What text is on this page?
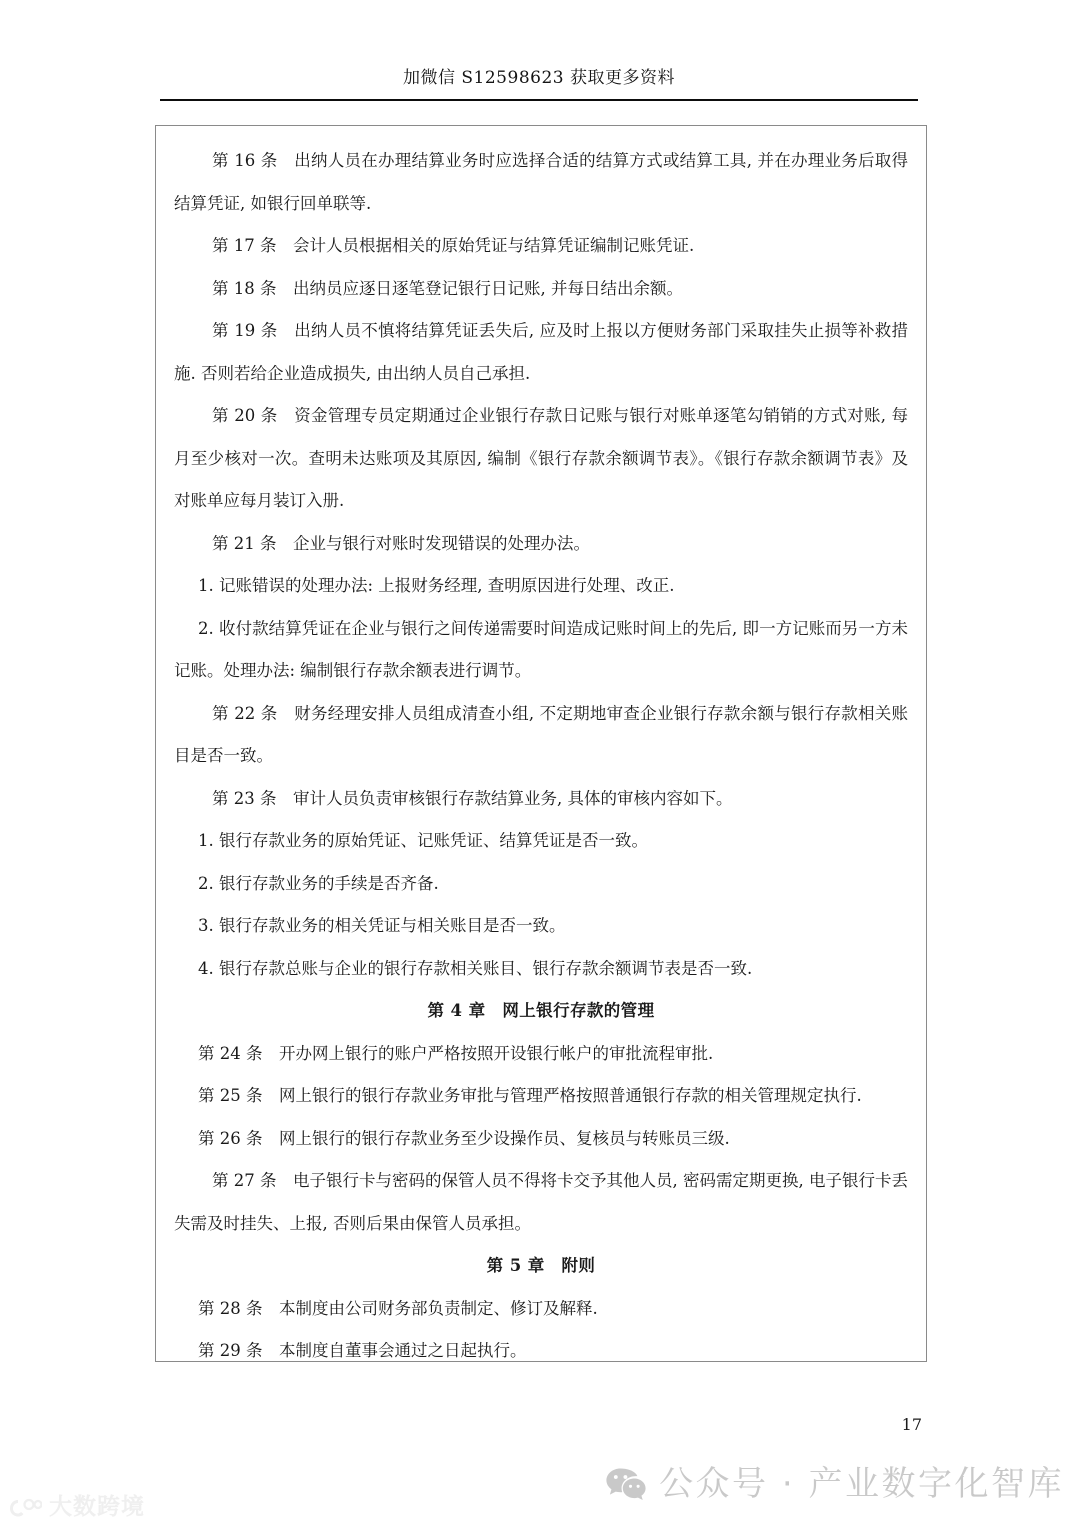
加微信 S12598623 获取更多资料

第 16 条　出纳人员在办理结算业务时应选择合适的结算方式或结算工具, 并在办理业务后取得结算凭证, 如银行回单联等.

第 17 条　会计人员根据相关的原始凭证与结算凭证编制记账凭证.

第 18 条　出纳员应逐日逐笔登记银行日记账, 并每日结出余额。

第 19 条　出纳人员不慎将结算凭证丢失后, 应及时上报以方便财务部门采取挂失止损等补救措施. 否则若给企业造成损失, 由出纳人员自己承担.

第 20 条　资金管理专员定期通过企业银行存款日记账与银行对账单逐笔勾销销的方式对账, 每月至少核对一次。查明未达账项及其原因, 编制《银行存款余额调节表》。《银行存款余额调节表》及对账单应每月装订入册.

第 21 条　企业与银行对账时发现错误的处理办法。

1. 记账错误的处理办法: 上报财务经理, 查明原因进行处理、改正.

2. 收付款结算凭证在企业与银行之间传递需要时间造成记账时间上的先后, 即一方记账而另一方未记账。处理办法: 编制银行存款余额表进行调节。

第 22 条　财务经理安排人员组成清查小组, 不定期地审查企业银行存款余额与银行存款相关账目是否一致。

第 23 条　审计人员负责审核银行存款结算业务, 具体的审核内容如下。

1. 银行存款业务的原始凭证、记账凭证、结算凭证是否一致。

2. 银行存款业务的手续是否齐备.

3. 银行存款业务的相关凭证与相关账目是否一致。

4. 银行存款总账与企业的银行存款相关账目、银行存款余额调节表是否一致.

第 4 章　网上银行存款的管理

第 24 条　开办网上银行的账户严格按照开设银行帐户的审批流程审批.

第 25 条　网上银行的银行存款业务审批与管理严格按照普通银行存款的相关管理规定执行.

第 26 条　网上银行的银行存款业务至少设操作员、复核员与转账员三级.

第 27 条　电子银行卡与密码的保管人员不得将卡交予其他人员, 密码需定期更换, 电子银行卡丢失需及时挂失、上报, 否则后果由保管人员承担。

第 5 章　附则

第 28 条　本制度由公司财务部负责制定、修订及解释.

第 29 条　本制度自董事会通过之日起执行。

17
大数跨境
公众号 · 产业数字化智库
